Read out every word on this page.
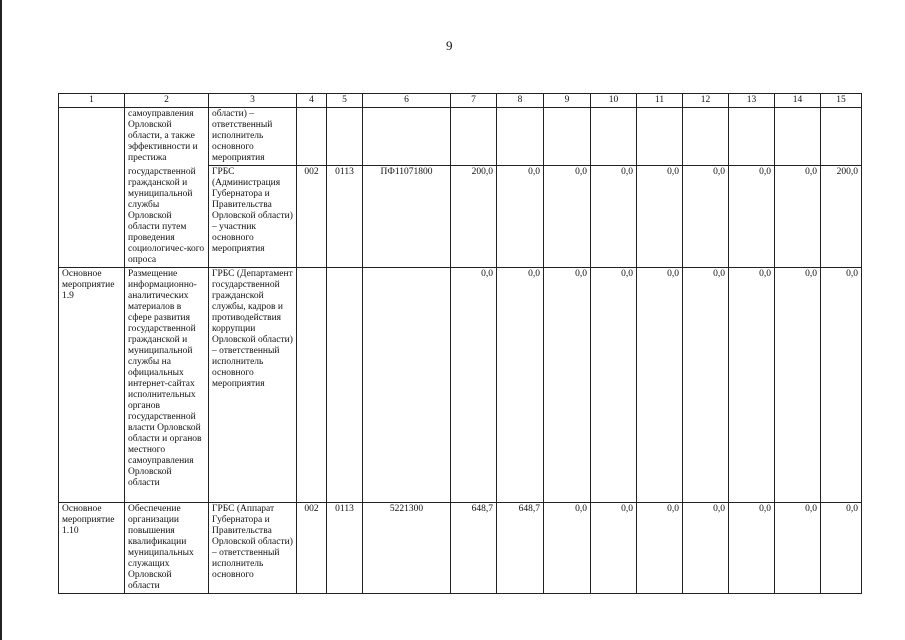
9
1	2	3	4	5	6	7	8	9	10	11	12	13	14	15
	самоуправления Орловской области, а также эффективности и престижа	области) – ответственный исполнитель основного мероприятия												
	государственной гражданской и муниципальной службы Орловской области путем проведения социологичес-кого опроса	ГРБС (Администрация Губернатора и Правительства Орловской области) – участник основного мероприятия	002	0113	ПФ11071800	200,0	0,0	0,0	0,0	0,0	0,0	0,0	0,0	200,0
Основное мероприятие 1.9	Размещение информационно-аналитических материалов в сфере развития государственной гражданской и муниципальной службы на официальных интернет-сайтах исполнительных органов государственной власти Орловской области и органов местного самоуправления Орловской области	ГРБС (Департамент государственной гражданской службы, кадров и противодействия коррупции Орловской области) – ответственный исполнитель основного мероприятия				0,0	0,0	0,0	0,0	0,0	0,0	0,0	0,0	0,0
Основное мероприятие 1.10	Обеспечение организации повышения квалификации муниципальных служащих Орловской области	ГРБС (Аппарат Губернатора и Правительства Орловской области) – ответственный исполнитель основного	002	0113	5221300	648,7	648,7	0,0	0,0	0,0	0,0	0,0	0,0	0,0
